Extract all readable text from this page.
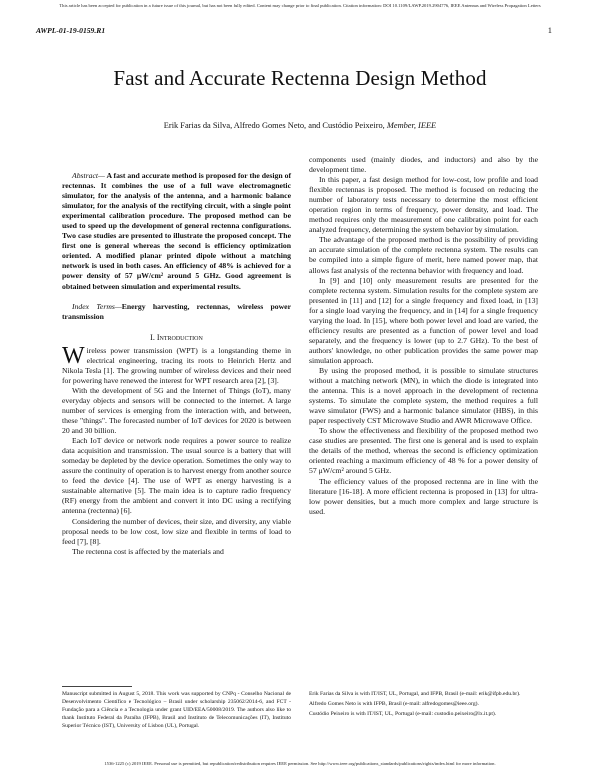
This article has been accepted for publication in a future issue of this journal, but has not been fully edited. Content may change prior to final publication. Citation information: DOI 10.1109/LAWP.2019.2904776, IEEE Antennas and Wireless Propagation Letters
AWPL-01-19-0159.R1	1
Fast and Accurate Rectenna Design Method
Erik Farias da Silva, Alfredo Gomes Neto, and Custódio Peixeiro, Member, IEEE

Abstract— A fast and accurate method is proposed for the design of rectennas. It combines the use of a full wave electromagnetic simulator, for the analysis of the antenna, and a harmonic balance simulator, for the analysis of the rectifying circuit, with a single point experimental calibration procedure. The proposed method can be used to speed up the development of general rectenna configurations. Two case studies are presented to illustrate the proposed concept. The first one is general whereas the second is efficiency optimization oriented. A modified planar printed dipole without a matching network is used in both cases. An efficiency of 48% is achieved for a power density of 57 μW/cm² around 5 GHz. Good agreement is obtained between simulation and experimental results.

Index Terms—Energy harvesting, rectennas, wireless power transmission

I. Introduction

Wireless power transmission (WPT) is a longstanding theme in electrical engineering, tracing its roots to Heinrich Hertz and Nikola Tesla [1]. The growing number of wireless devices and their need for powering have renewed the interest for WPT research area [2], [3].

With the development of 5G and the Internet of Things (IoT), many everyday objects and sensors will be connected to the internet. A large number of services is emerging from the interaction with, and between, these "things". The forecasted number of IoT devices for 2020 is between 20 and 30 billion.

Each IoT device or network node requires a power source to realize data acquisition and transmission. The usual source is a battery that will someday be depleted by the device operation. Sometimes the only way to assure the continuity of operation is to harvest energy from another source to feed the device [4]. The use of WPT as energy harvesting is a sustainable alternative [5]. The main idea is to capture radio frequency (RF) energy from the ambient and convert it into DC using a rectifying antenna (rectenna) [6].

Considering the number of devices, their size, and diversity, any viable proposal needs to be low cost, low size and flexible in terms of load to feed [7], [8].

The rectenna cost is affected by the materials and

components used (mainly diodes, and inductors) and also by the development time.

In this paper, a fast design method for low-cost, low profile and load flexible rectennas is proposed. The method is focused on reducing the number of laboratory tests necessary to determine the most efficient operation region in terms of frequency, power density, and load. The method requires only the measurement of one calibration point for each analyzed frequency, determining the system behavior by simulation.

The advantage of the proposed method is the possibility of providing an accurate simulation of the complete rectenna system. The results can be compiled into a simple figure of merit, here named power map, that allows fast analysis of the rectenna behavior with frequency and load.

In [9] and [10] only measurement results are presented for the complete rectenna system. Simulation results for the complete system are presented in [11] and [12] for a single frequency and fixed load, in [13] for a single load varying the frequency, and in [14] for a single frequency varying the load. In [15], where both power level and load are varied, the efficiency results are presented as a function of power level and load separately, and the frequency is lower (up to 2.7 GHz). To the best of authors' knowledge, no other publication provides the same power map simulation approach.

By using the proposed method, it is possible to simulate structures without a matching network (MN), in which the diode is integrated into the antenna. This is a novel approach in the development of rectenna systems. To simulate the complete system, the method requires a full wave simulator (FWS) and a harmonic balance simulator (HBS), in this paper respectively CST Microwave Studio and AWR Microwave Office.

To show the effectiveness and flexibility of the proposed method two case studies are presented. The first one is general and is used to explain the details of the method, whereas the second is efficiency optimization oriented reaching a maximum efficiency of 48 % for a power density of 57 μW/cm² around 5 GHz.

The efficiency values of the proposed rectenna are in line with the literature [16-18]. A more efficient rectenna is proposed in [13] for ultra-low power densities, but a much more complex and large structure is used.

Manuscript submitted in August 5, 2018. This work was supported by CNPq - Conselho Nacional de Desenvolvimento Científico e Tecnológico – Brasil under scholarship 235062/2014-6, and FCT - Fundação para a Ciência e a Tecnologia under grant UID/EEA/50008/2019. The authors also like to thank Instituto Federal da Paraíba (IFPB), Brasil and Instituto de Telecomunicações (IT), Instituto Superior Técnico (IST), University of Lisbon (UL), Portugal.

Erik Farias da Silva is with IT/IST, UL, Portugal, and IFPB, Brasil (e-mail: erik@ifpb.edu.br).

Alfredo Gomes Neto is with IFPB, Brasil (e-mail: alfredogomes@ieee.org).

Custódio Peixeiro is with IT/IST, UL, Portugal (e-mail: custodio.peixeiro@lx.it.pt).

1536-1225 (c) 2019 IEEE. Personal use is permitted, but republication/redistribution requires IEEE permission. See http://www.ieee.org/publications_standards/publications/rights/index.html for more information.
